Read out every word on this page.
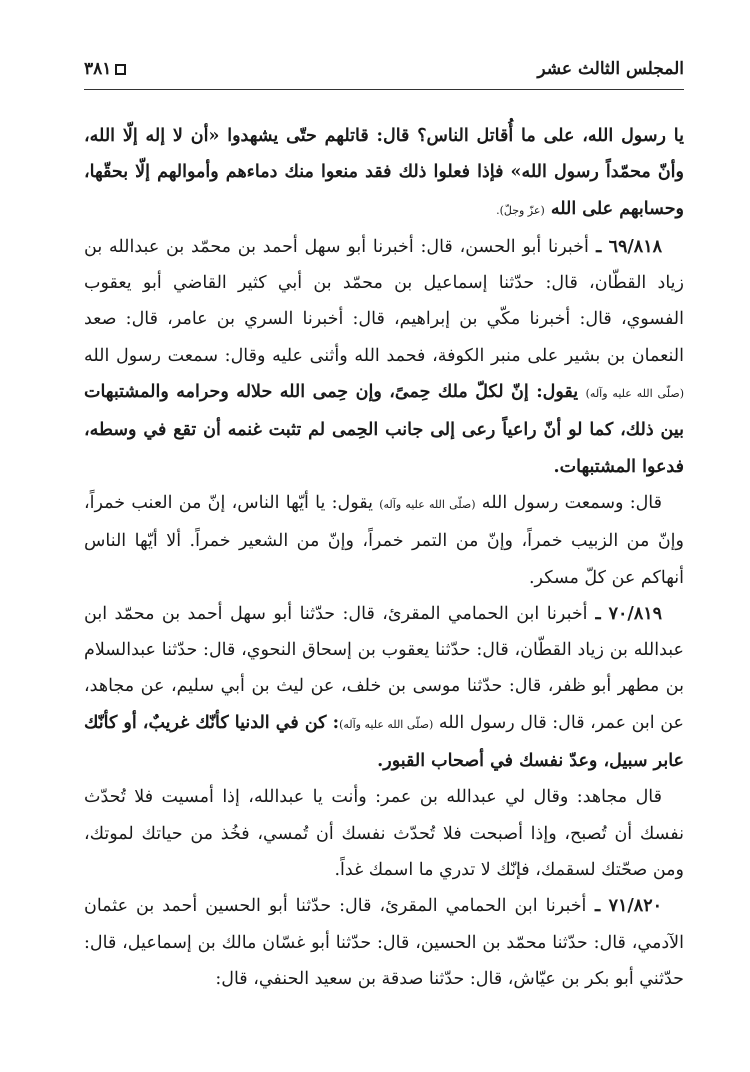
المجلس الثالث عشر
٣٨١

يا رسول الله، على ما أُقاتل الناس؟ قال: قاتلهم حتّى يشهدوا «أن لا إله إلّا الله، وأنّ محمّداً رسول الله» فإذا فعلوا ذلك فقد منعوا منك دماءهم وأموالهم إلّا بحقّها، وحسابهم على الله (عزّ وجلّ).

٦٩/٨١٨ ـ أخبرنا أبو الحسن، قال: أخبرنا أبو سهل أحمد بن محمّد بن عبدالله بن زياد القطّان، قال: حدّثنا إسماعيل بن محمّد بن أبي كثير القاضي أبو يعقوب الفسوي، قال: أخبرنا مكّي بن إبراهيم، قال: أخبرنا السري بن عامر، قال: صعد النعمان بن بشير على منبر الكوفة، فحمد الله وأثنى عليه وقال: سمعت رسول الله (صلّى الله عليه وآله) يقول: إنّ لكلّ ملك حِمىً، وإن حِمى الله حلاله وحرامه والمشتبهات بين ذلك، كما لو أنّ راعياً رعى إلى جانب الحِمى لم تثبت غنمه أن تقع في وسطه، فدعوا المشتبهات.

قال: وسمعت رسول الله (صلّى الله عليه وآله) يقول: يا أيّها الناس، إنّ من العنب خمراً، وإنّ من الزبيب خمراً، وإنّ من التمر خمراً، وإنّ من الشعير خمراً. ألا أيّها الناس أنهاكم عن كلّ مسكر.

٧٠/٨١٩ ـ أخبرنا ابن الحمامي المقرئ، قال: حدّثنا أبو سهل أحمد بن محمّد ابن عبدالله بن زياد القطّان، قال: حدّثنا يعقوب بن إسحاق النحوي، قال: حدّثنا عبدالسلام بن مطهر أبو ظفر، قال: حدّثنا موسى بن خلف، عن ليث بن أبي سليم، عن مجاهد، عن ابن عمر، قال: قال رسول الله (صلّى الله عليه وآله): كن في الدنيا كأنّك غريبٌ، أو كأنّك عابر سبيل، وعدّ نفسك في أصحاب القبور.

قال مجاهد: وقال لي عبدالله بن عمر: وأنت يا عبدالله، إذا أمسيت فلا تُحدّث نفسك أن تُصبح، وإذا أصبحت فلا تُحدّث نفسك أن تُمسي، فخُذ من حياتك لموتك، ومن صحّتك لسقمك، فإنّك لا تدري ما اسمك غداً.

٧١/٨٢٠ ـ أخبرنا ابن الحمامي المقرئ، قال: حدّثنا أبو الحسين أحمد بن عثمان الآدمي، قال: حدّثنا محمّد بن الحسين، قال: حدّثنا أبو غسّان مالك بن إسماعيل، قال: حدّثني أبو بكر بن عيّاش، قال: حدّثنا صدقة بن سعيد الحنفي، قال:
